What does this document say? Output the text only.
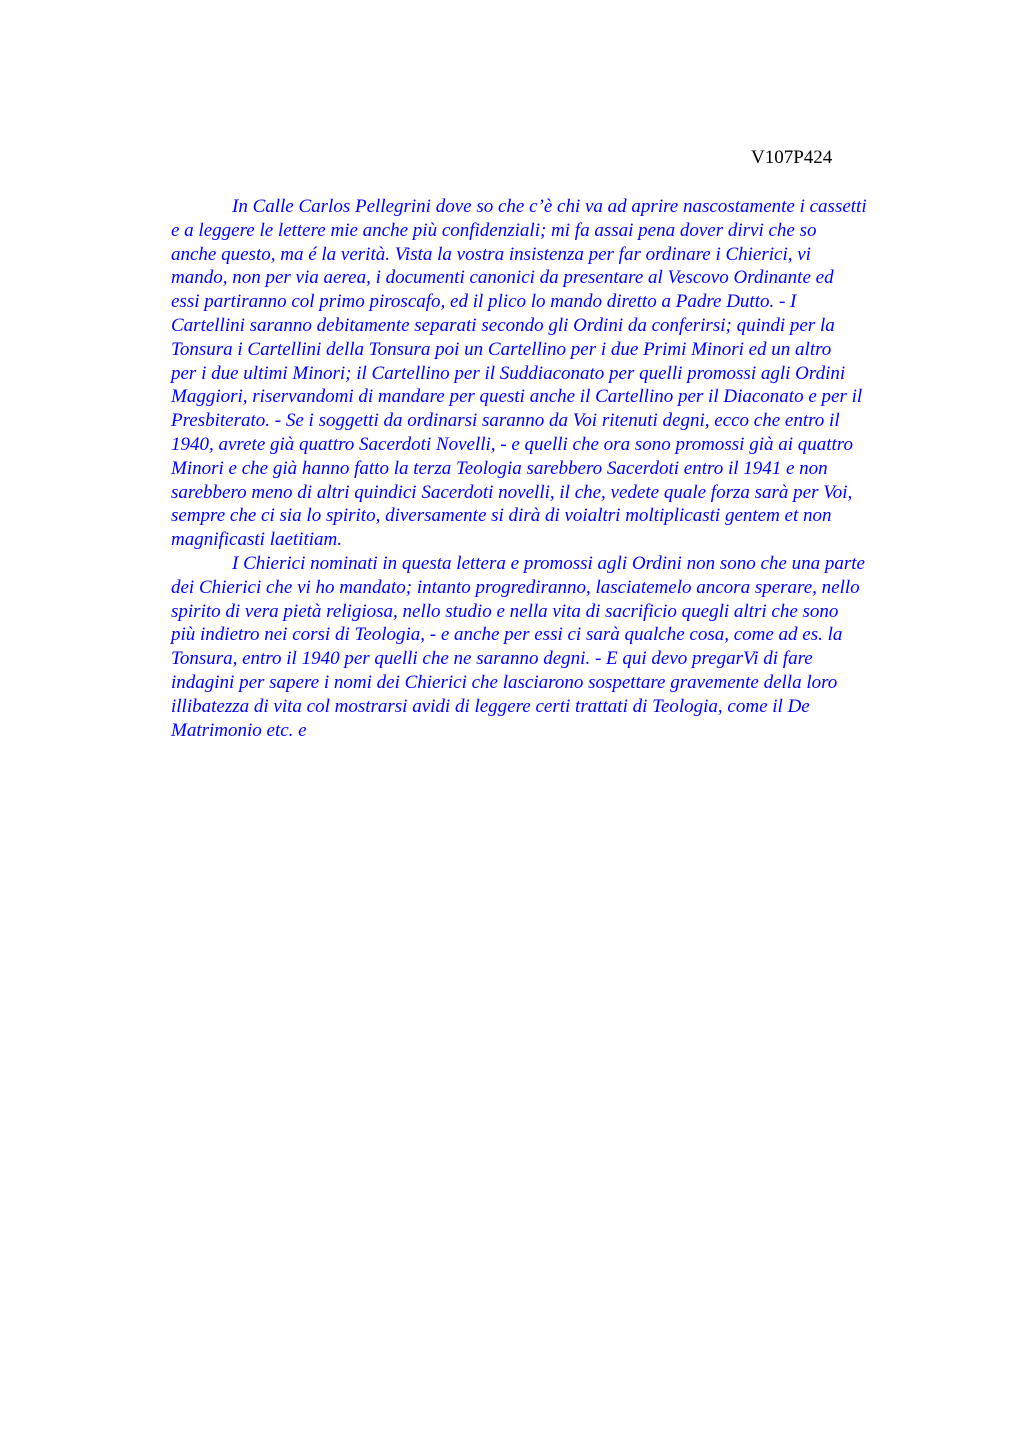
V107P424

In Calle Carlos Pellegrini dove so che c’è chi va ad aprire nascostamente i cassetti
e a leggere le lettere mie anche più confidenziali; mi fa assai pena dover dirvi che so
anche questo, ma é la verità. Vista la vostra insistenza per far ordinare i Chierici, vi
mando, non per via aerea, i documenti canonici da presentare al Vescovo Ordinante ed
essi partiranno col primo piroscafo, ed il plico lo mando diretto a Padre Dutto. - I
Cartellini saranno debitamente separati secondo gli Ordini da conferirsi; quindi per la
Tonsura i Cartellini della Tonsura poi un Cartellino per i due Primi Minori ed un altro
per i due ultimi Minori; il Cartellino per il Suddiaconato per quelli promossi agli Ordini
Maggiori, riservandomi di mandare per questi anche il Cartellino per il Diaconato e per il
Presbiterato. - Se i soggetti da ordinarsi saranno da Voi ritenuti degni, ecco che entro il
1940, avrete già quattro Sacerdoti Novelli, - e quelli che ora sono promossi già ai quattro
Minori e che già hanno fatto la terza Teologia sarebbero Sacerdoti entro il 1941 e non
sarebbero meno di altri quindici Sacerdoti novelli, il che, vedete quale forza sarà per Voi,
sempre che ci sia lo spirito, diversamente si dirà di voialtri moltiplicasti gentem et non
magnificasti laetitiam.
I Chierici nominati in questa lettera e promossi agli Ordini non sono che una parte
dei Chierici che vi ho mandato; intanto progrediranno, lasciatemelo ancora sperare, nello
spirito di vera pietà religiosa, nello studio e nella vita di sacrificio quegli altri che sono
più indietro nei corsi di Teologia, - e anche per essi ci sarà qualche cosa, come ad es. la
Tonsura, entro il 1940 per quelli che ne saranno degni. - E qui devo pregarVi di fare
indagini per sapere i nomi dei Chierici che lasciarono sospettare gravemente della loro
illibatezza di vita col mostrarsi avidi di leggere certi trattati di Teologia, come il De
Matrimonio etc. e
